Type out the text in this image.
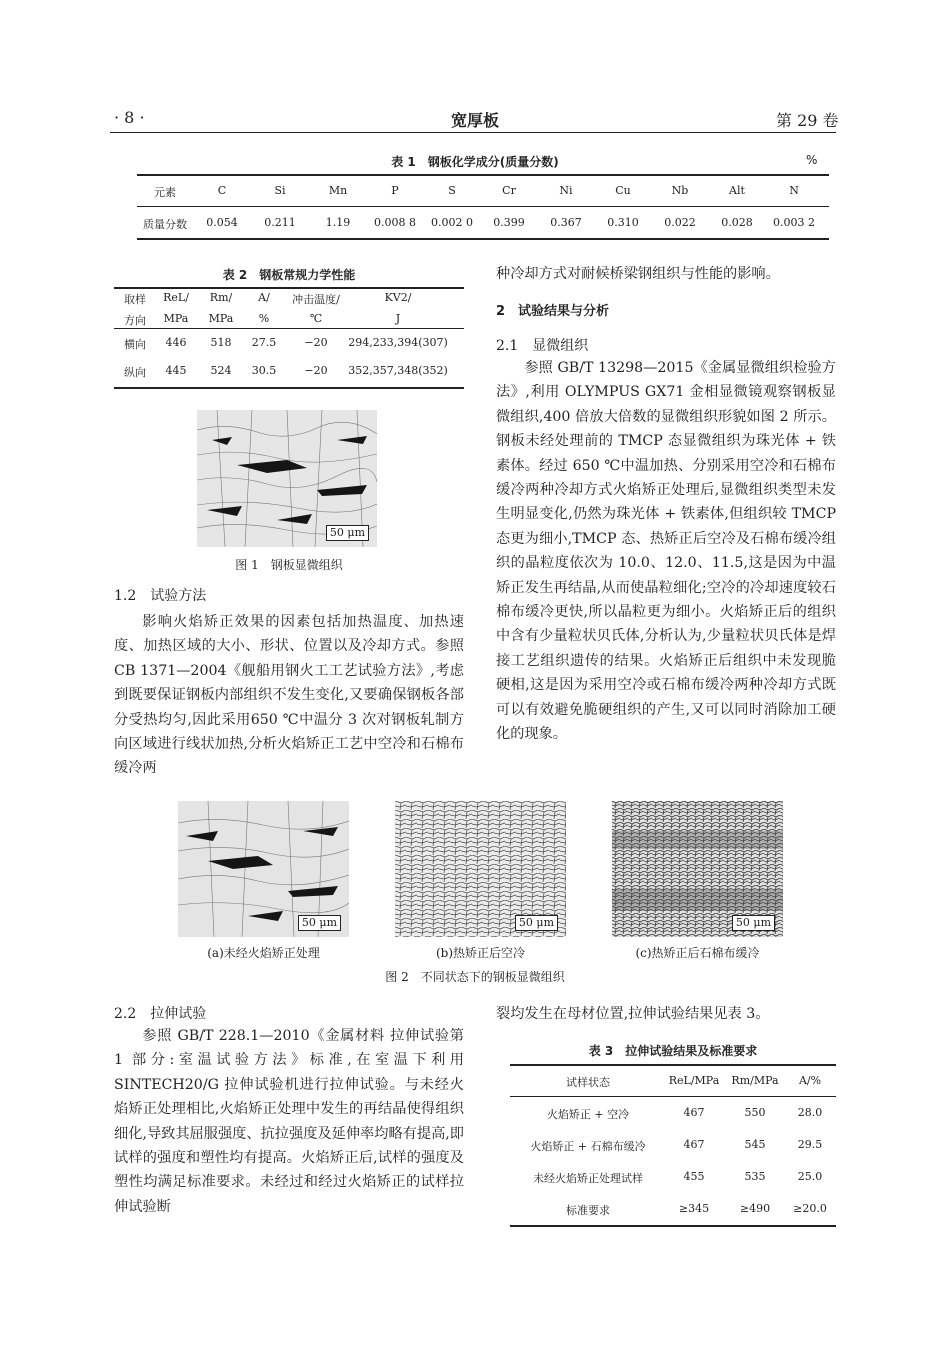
· 8 ·	宽厚板	第 29 卷
表 1　钢板化学成分(质量分数)	%
元素	C	Si	Mn	P	S	Cr	Ni	Cu	Nb	Alt	N
质量分数	0.054	0.211	1.19	0.008 8	0.002 0	0.399	0.367	0.310	0.022	0.028	0.003 2
表 2　钢板常规力学性能
取样	ReL/	Rm/	A/	冲击温度/	KV2/
方向	MPa	MPa	%	℃	J
横向	446	518	27.5	−20	294,233,394(307)
纵向	445	524	30.5	−20	352,357,348(352)
50 μm
图 1　钢板显微组织
1.2　试验方法
影响火焰矫正效果的因素包括加热温度、加热速度、加热区域的大小、形状、位置以及冷却方式。参照 CB 1371—2004《舰船用钢火工工艺试验方法》,考虑到既要保证钢板内部组织不发生变化,又要确保钢板各部分受热均匀,因此采用650 ℃中温分 3 次对钢板轧制方向区域进行线状加热,分析火焰矫正工艺中空冷和石棉布缓冷两
种冷却方式对耐候桥梁钢组织与性能的影响。
2　试验结果与分析
2.1　显微组织
参照 GB/T 13298—2015《金属显微组织检验方法》,利用 OLYMPUS GX71 金相显微镜观察钢板显微组织,400 倍放大倍数的显微组织形貌如图 2 所示。钢板未经处理前的 TMCP 态显微组织为珠光体 + 铁素体。经过 650 ℃中温加热、分别采用空冷和石棉布缓冷两种冷却方式火焰矫正处理后,显微组织类型未发生明显变化,仍然为珠光体 + 铁素体,但组织较 TMCP 态更为细小,TMCP 态、热矫正后空冷及石棉布缓冷组织的晶粒度依次为 10.0、12.0、11.5,这是因为中温矫正发生再结晶,从而使晶粒细化;空冷的冷却速度较石棉布缓冷更快,所以晶粒更为细小。火焰矫正后的组织中含有少量粒状贝氏体,分析认为,少量粒状贝氏体是焊接工艺组织遗传的结果。火焰矫正后组织中未发现脆硬相,这是因为采用空冷或石棉布缓冷两种冷却方式既可以有效避免脆硬组织的产生,又可以同时消除加工硬化的现象。
50 μm	50 μm	50 μm
(a)未经火焰矫正处理	(b)热矫正后空冷	(c)热矫正后石棉布缓冷
图 2　不同状态下的钢板显微组织
2.2　拉伸试验
参照 GB/T 228.1—2010《金属材料 拉伸试验第 1 部分:室温试验方法》标准,在室温下利用 SINTECH20/G 拉伸试验机进行拉伸试验。与未经火焰矫正处理相比,火焰矫正处理中发生的再结晶使得组织细化,导致其屈服强度、抗拉强度及延伸率均略有提高,即试样的强度和塑性均有提高。火焰矫正后,试样的强度及塑性均满足标准要求。未经过和经过火焰矫正的试样拉伸试验断
裂均发生在母材位置,拉伸试验结果见表 3。
表 3　拉伸试验结果及标准要求
试样状态	ReL/MPa	Rm/MPa	A/%
火焰矫正 + 空冷	467	550	28.0
火焰矫正 + 石棉布缓冷	467	545	29.5
未经火焰矫正处理试样	455	535	25.0
标准要求	≥345	≥490	≥20.0
